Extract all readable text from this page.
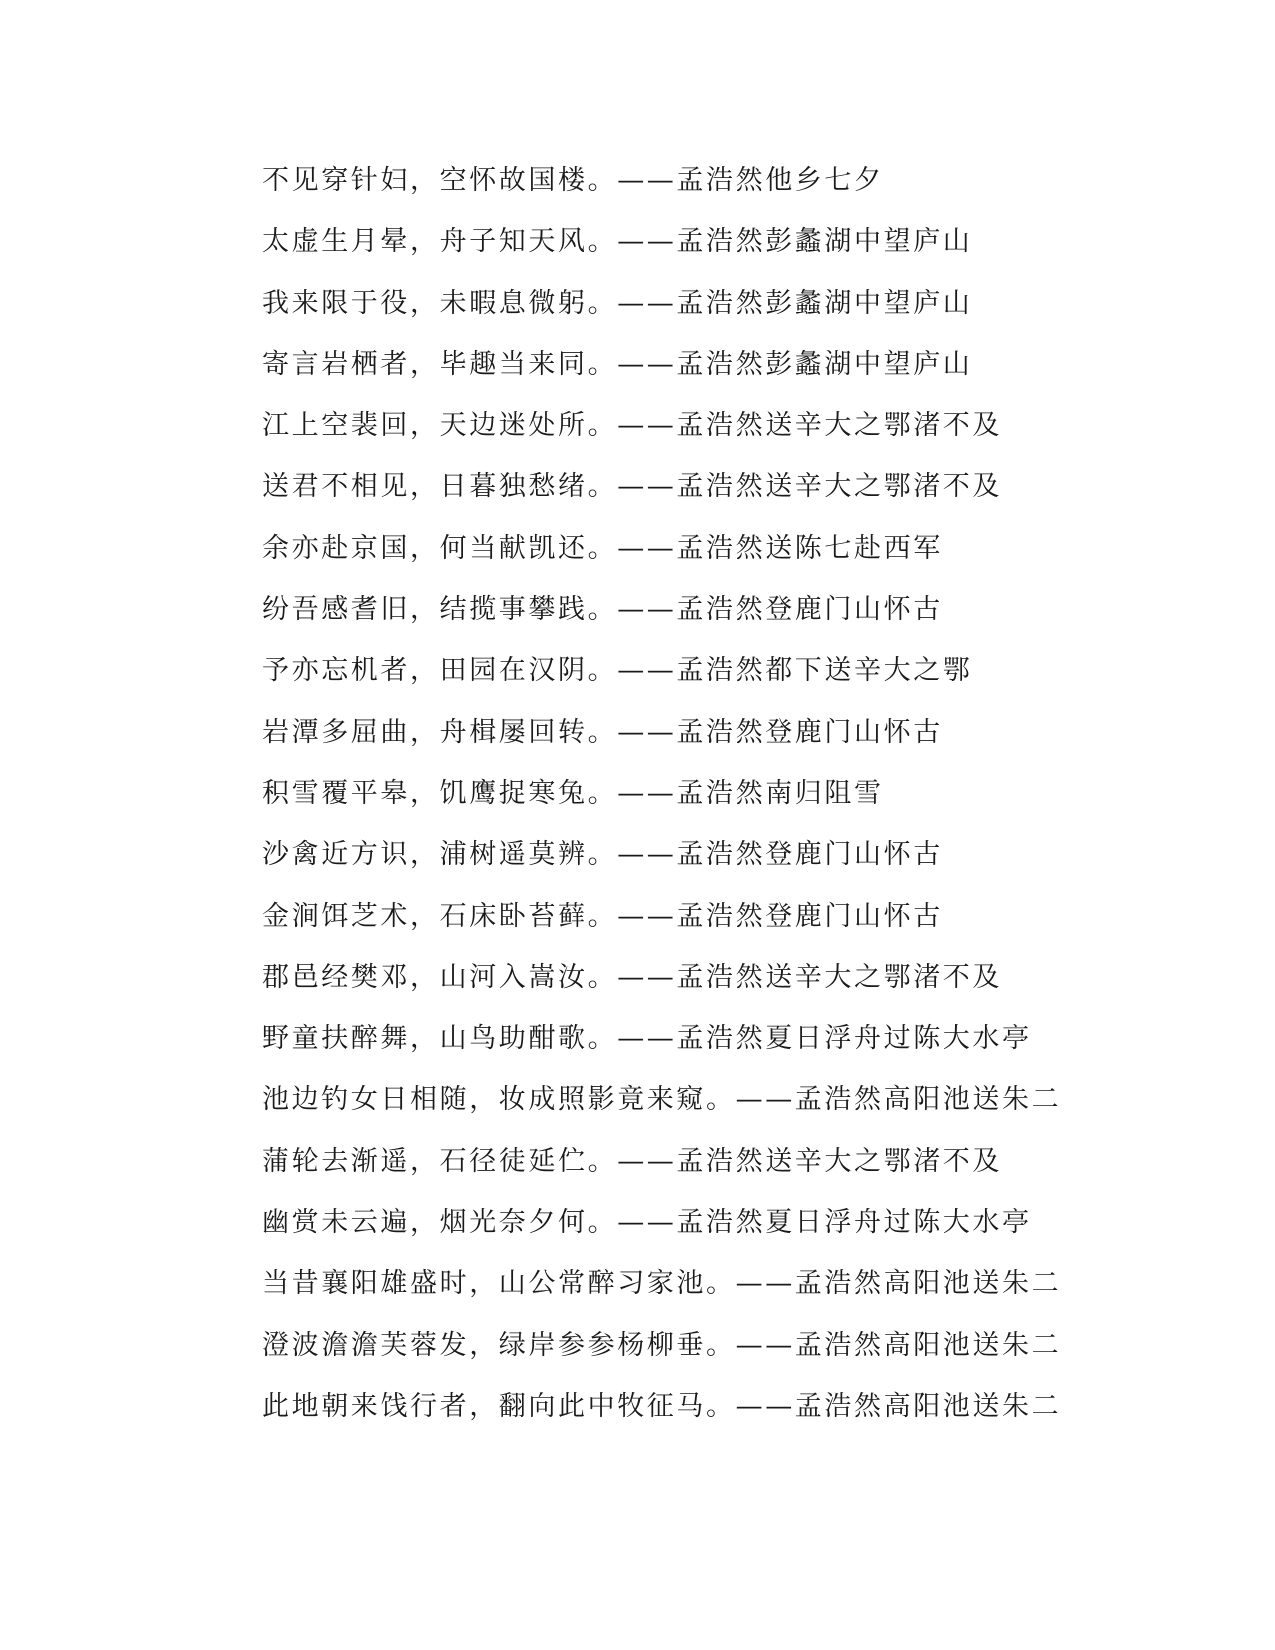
不见穿针妇，空怀故国楼。——孟浩然他乡七夕
太虚生月晕，舟子知天风。——孟浩然彭蠡湖中望庐山
我来限于役，未暇息微躬。——孟浩然彭蠡湖中望庐山
寄言岩栖者，毕趣当来同。——孟浩然彭蠡湖中望庐山
江上空裴回，天边迷处所。——孟浩然送辛大之鄂渚不及
送君不相见，日暮独愁绪。——孟浩然送辛大之鄂渚不及
余亦赴京国，何当献凯还。——孟浩然送陈七赴西军
纷吾感耆旧，结揽事攀践。——孟浩然登鹿门山怀古
予亦忘机者，田园在汉阴。——孟浩然都下送辛大之鄂
岩潭多屈曲，舟楫屡回转。——孟浩然登鹿门山怀古
积雪覆平皋，饥鹰捉寒兔。——孟浩然南归阻雪
沙禽近方识，浦树遥莫辨。——孟浩然登鹿门山怀古
金涧饵芝术，石床卧苔藓。——孟浩然登鹿门山怀古
郡邑经樊邓，山河入嵩汝。——孟浩然送辛大之鄂渚不及
野童扶醉舞，山鸟助酣歌。——孟浩然夏日浮舟过陈大水亭
池边钓女日相随，妆成照影竟来窥。——孟浩然高阳池送朱二
蒲轮去渐遥，石径徒延伫。——孟浩然送辛大之鄂渚不及
幽赏未云遍，烟光奈夕何。——孟浩然夏日浮舟过陈大水亭
当昔襄阳雄盛时，山公常醉习家池。——孟浩然高阳池送朱二
澄波澹澹芙蓉发，绿岸参参杨柳垂。——孟浩然高阳池送朱二
此地朝来饯行者，翻向此中牧征马。——孟浩然高阳池送朱二
